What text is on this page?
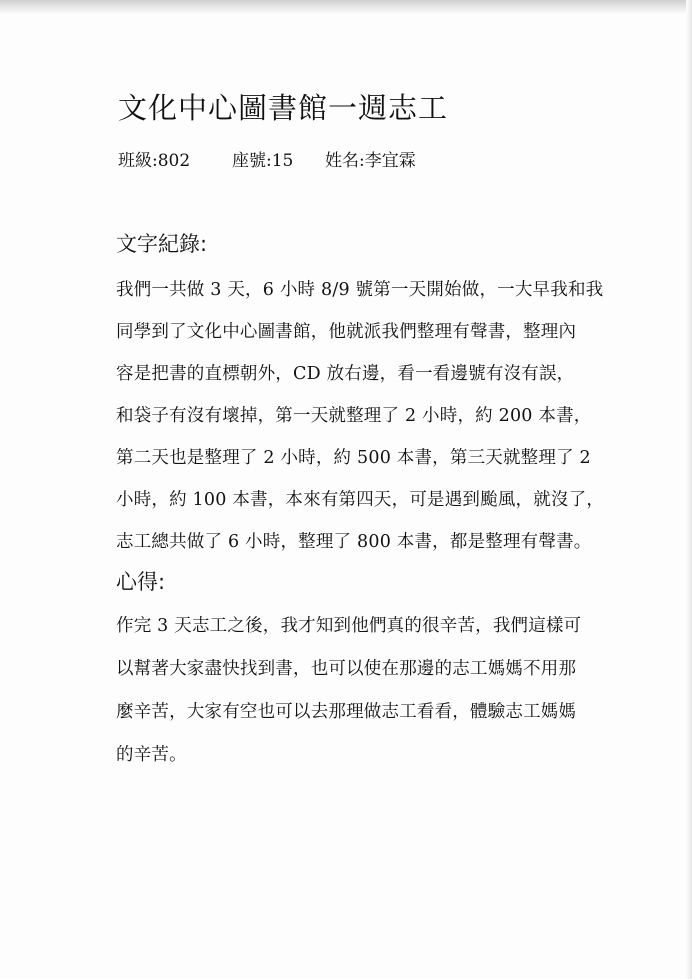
文化中心圖書館一週志工
班級:802 座號:15 姓名:李宜霖
文字紀錄:
我們一共做 3 天，6 小時 8/9 號第一天開始做，一大早我和我
同學到了文化中心圖書館，他就派我們整理有聲書，整理內
容是把書的直標朝外，CD 放右邊，看一看邊號有沒有誤，
和袋子有沒有壞掉，第一天就整理了 2 小時，約 200 本書，
第二天也是整理了 2 小時，約 500 本書，第三天就整理了 2
小時，約 100 本書，本來有第四天，可是遇到颱風，就沒了，
志工總共做了 6 小時，整理了 800 本書，都是整理有聲書。
心得:
作完 3 天志工之後，我才知到他們真的很辛苦，我們這樣可
以幫著大家盡快找到書，也可以使在那邊的志工媽媽不用那
麼辛苦，大家有空也可以去那理做志工看看，體驗志工媽媽
的辛苦。
